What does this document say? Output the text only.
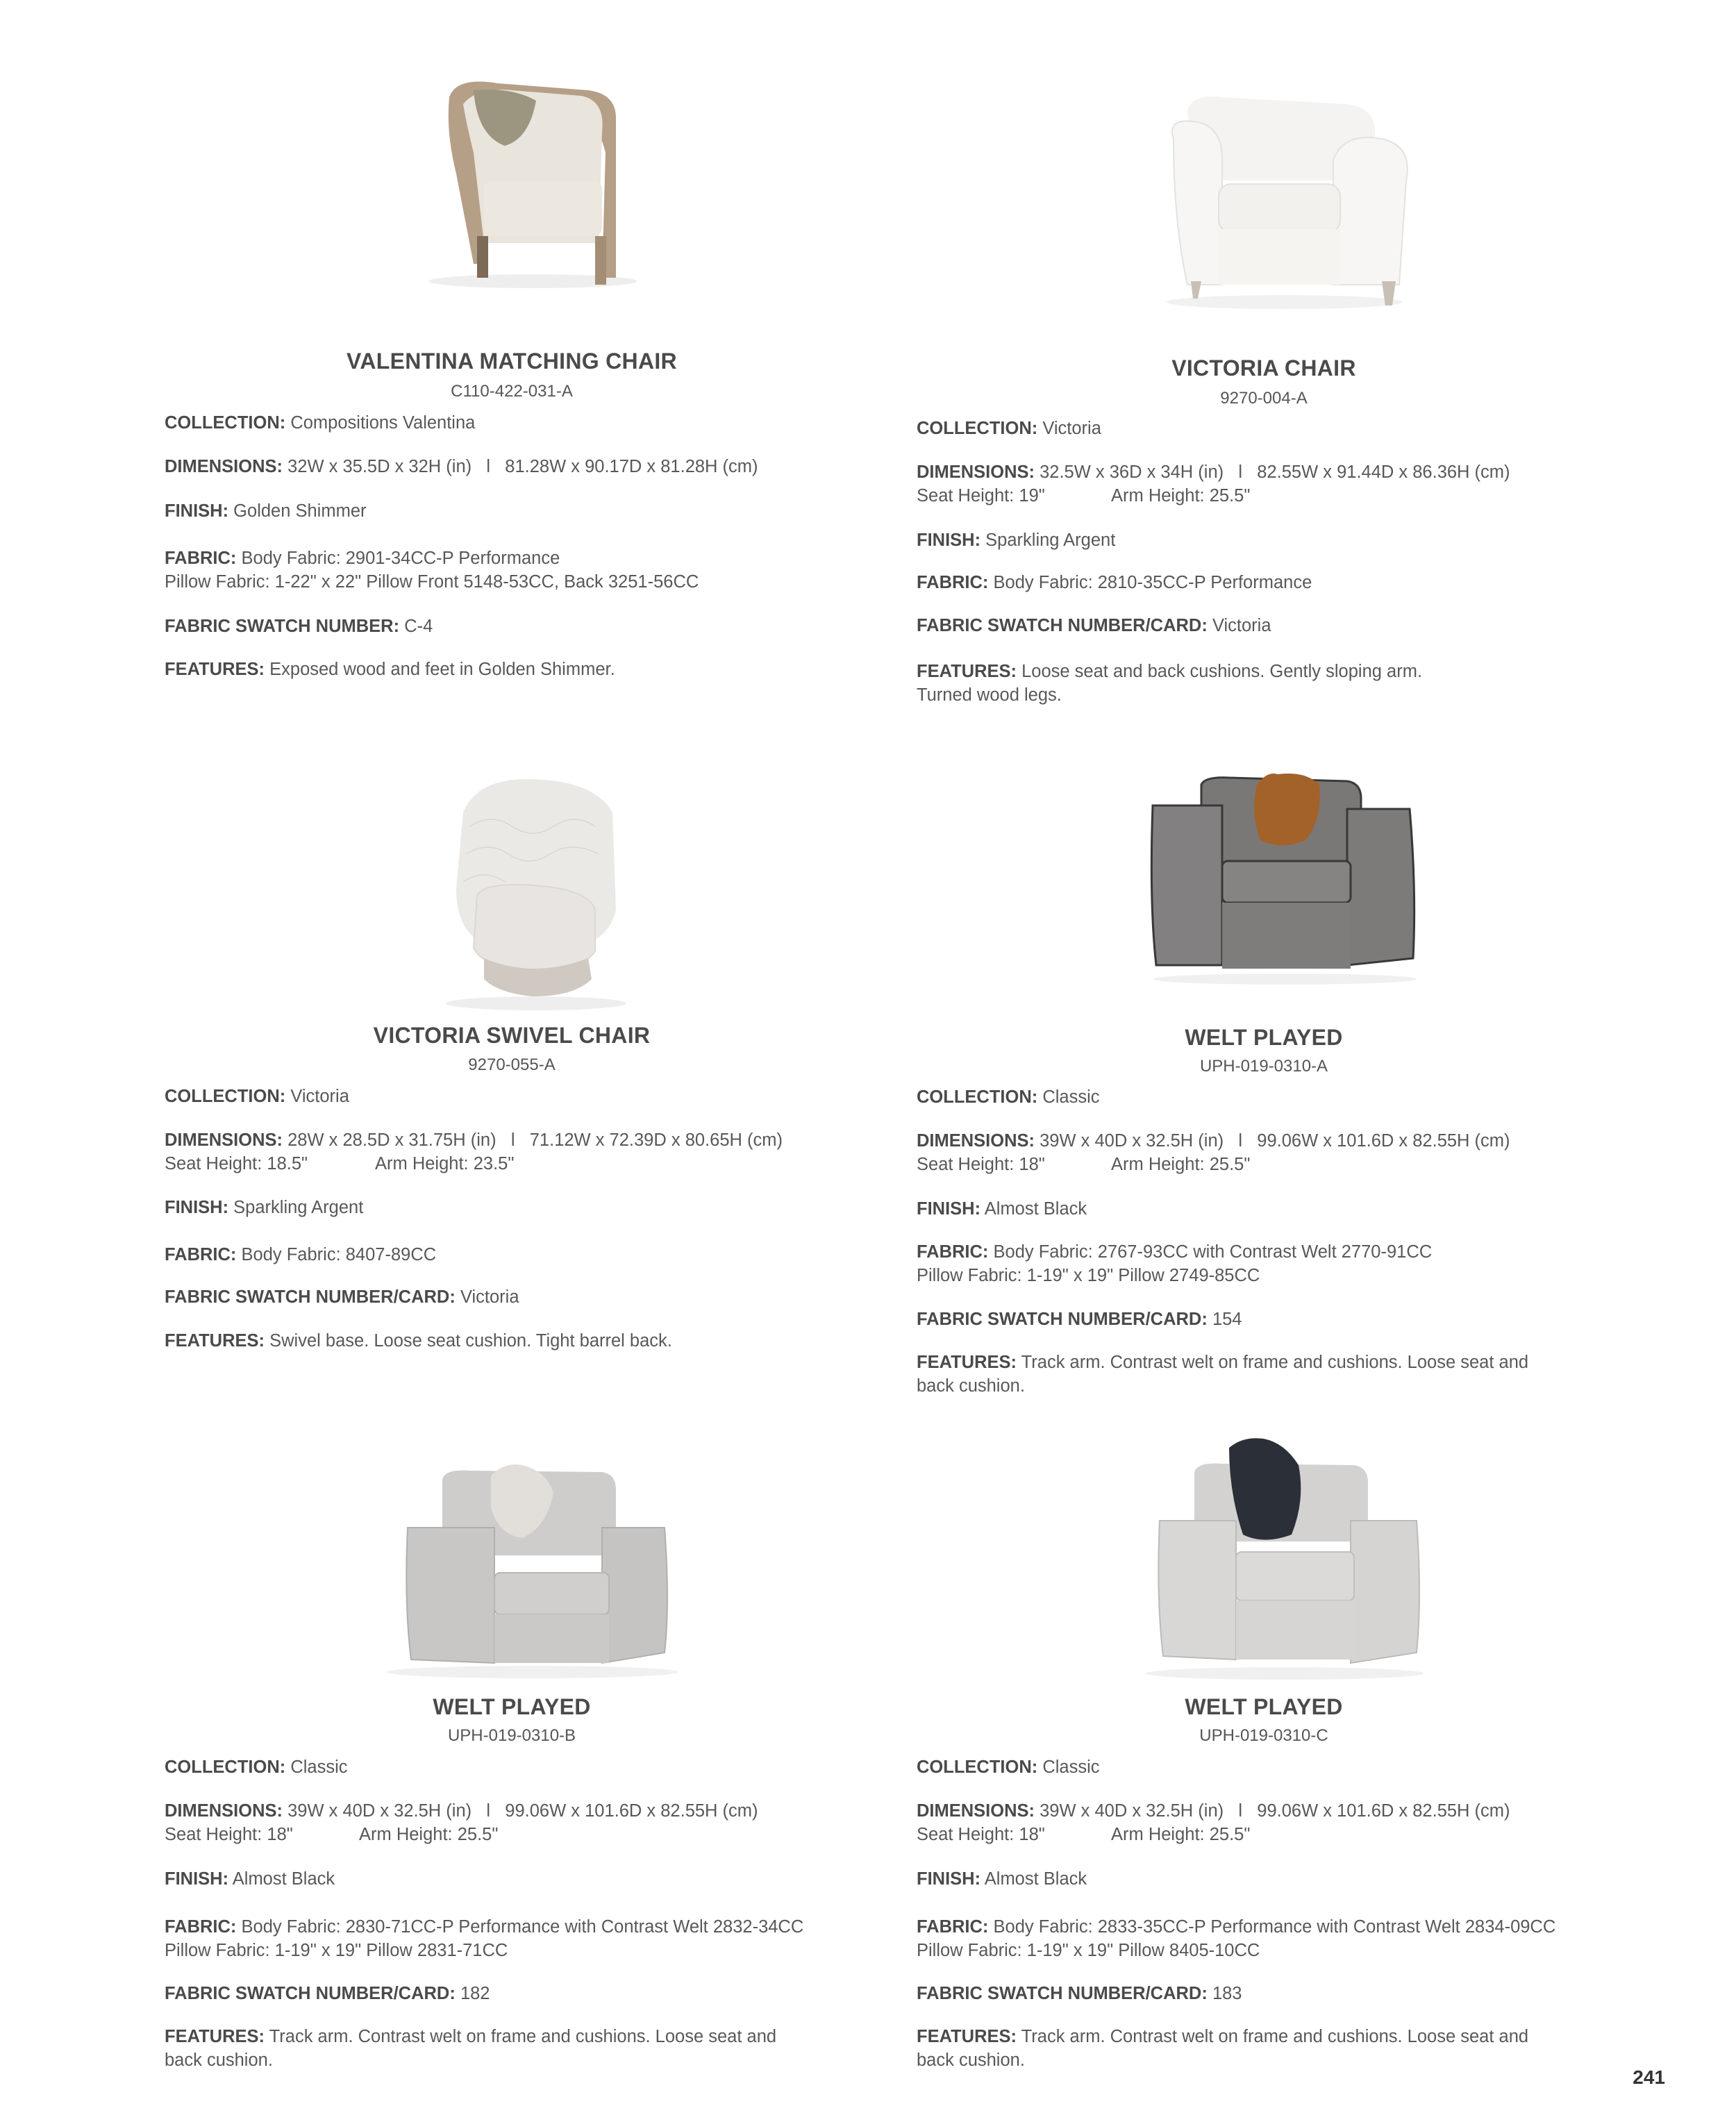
VALENTINA MATCHING CHAIR
C110-422-031-A

COLLECTION: Compositions Valentina

DIMENSIONS: 32W x 35.5D x 32H (in)   l   81.28W x 90.17D x 81.28H (cm)

FINISH: Golden Shimmer

FABRIC: Body Fabric: 2901-34CC-P Performance
Pillow Fabric: 1-22" x 22" Pillow Front 5148-53CC, Back 3251-56CC

FABRIC SWATCH NUMBER: C-4

FEATURES: Exposed wood and feet in Golden Shimmer.

VICTORIA CHAIR
9270-004-A

COLLECTION: Victoria

DIMENSIONS: 32.5W x 36D x 34H (in)   l   82.55W x 91.44D x 86.36H (cm)
Seat Height: 19"	Arm Height: 25.5"

FINISH: Sparkling Argent

FABRIC: Body Fabric: 2810-35CC-P Performance

FABRIC SWATCH NUMBER/CARD: Victoria

FEATURES: Loose seat and back cushions. Gently sloping arm.
Turned wood legs.

VICTORIA SWIVEL CHAIR
9270-055-A

COLLECTION: Victoria

DIMENSIONS: 28W x 28.5D x 31.75H (in)   l   71.12W x 72.39D x 80.65H (cm)
Seat Height: 18.5"	Arm Height: 23.5"

FINISH: Sparkling Argent

FABRIC: Body Fabric: 8407-89CC

FABRIC SWATCH NUMBER/CARD: Victoria

FEATURES: Swivel base. Loose seat cushion. Tight barrel back.

WELT PLAYED
UPH-019-0310-A

COLLECTION: Classic

DIMENSIONS: 39W x 40D x 32.5H (in)   l   99.06W x 101.6D x 82.55H (cm)
Seat Height: 18"	Arm Height: 25.5"

FINISH: Almost Black

FABRIC: Body Fabric: 2767-93CC with Contrast Welt 2770-91CC
Pillow Fabric: 1-19" x 19" Pillow 2749-85CC

FABRIC SWATCH NUMBER/CARD: 154

FEATURES: Track arm. Contrast welt on frame and cushions. Loose seat and
back cushion.

WELT PLAYED
UPH-019-0310-B

COLLECTION: Classic

DIMENSIONS: 39W x 40D x 32.5H (in)   l   99.06W x 101.6D x 82.55H (cm)
Seat Height: 18"	Arm Height: 25.5"

FINISH: Almost Black

FABRIC: Body Fabric: 2830-71CC-P Performance with Contrast Welt 2832-34CC
Pillow Fabric: 1-19" x 19" Pillow 2831-71CC

FABRIC SWATCH NUMBER/CARD: 182

FEATURES: Track arm. Contrast welt on frame and cushions. Loose seat and
back cushion.

WELT PLAYED
UPH-019-0310-C

COLLECTION: Classic

DIMENSIONS: 39W x 40D x 32.5H (in)   l   99.06W x 101.6D x 82.55H (cm)
Seat Height: 18"	Arm Height: 25.5"

FINISH: Almost Black

FABRIC: Body Fabric: 2833-35CC-P Performance with Contrast Welt 2834-09CC
Pillow Fabric: 1-19" x 19" Pillow 8405-10CC

FABRIC SWATCH NUMBER/CARD: 183

FEATURES: Track arm. Contrast welt on frame and cushions. Loose seat and
back cushion.

241
